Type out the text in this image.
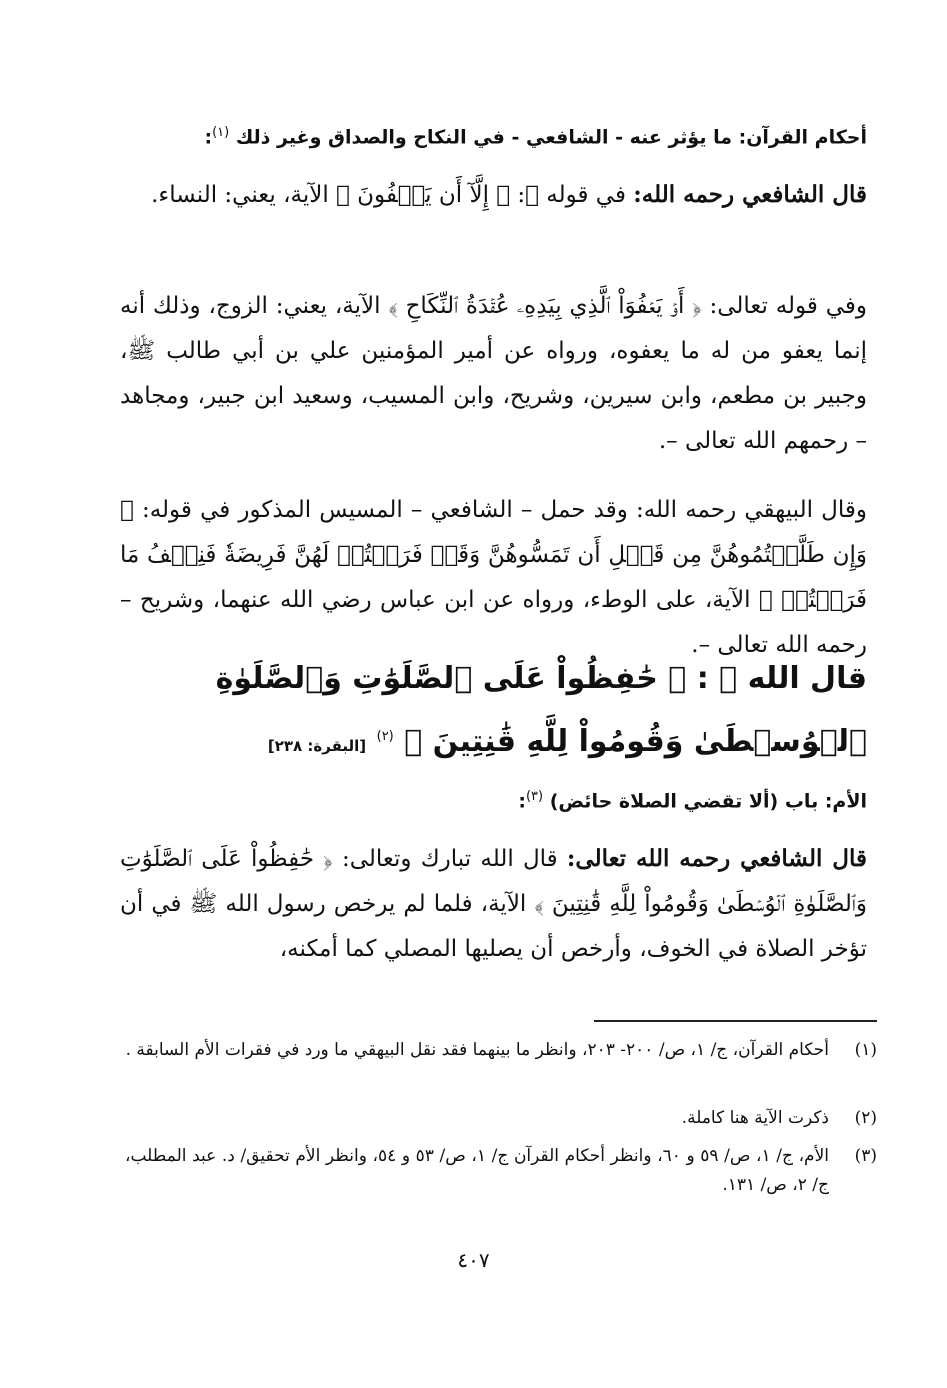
أحكام القرآن: ما يؤثر عنه - الشافعي - في النكاح والصداق وغير ذلك $^{(١)}$:
قال الشافعي رحمه الله: في قوله ﷻ: ﴿ إِلَّآ أَن يَعۡفُونَ ﴾ الآية، يعني: النساء.
وفي قوله تعالى: ﴿ أَوۡ يَعۡفُوَاْ ٱلَّذِي بِيَدِهِۦ عُقۡدَةُ ٱلنِّكَاحِ ﴾ الآية، يعني: الزوج، وذلك أنه إنما يعفو من له ما يعفوه، ورواه عن أمير المؤمنين علي بن أبي طالب ﷺ، وجبير بن مطعم، وابن سيرين، وشريح، وابن المسيب، وسعيد ابن جبير، ومجاهد – رحمهم الله تعالى –.
وقال البيهقي رحمه الله: وقد حمل – الشافعي – المسيس المذكور في قوله: ﴿ وَإِن طَلَّقۡتُمُوهُنَّ مِن قَبۡلِ أَن تَمَسُّوهُنَّ وَقَدۡ فَرَضۡتُمۡ لَهُنَّ فَرِيضَةٗ فَنِصۡفُ مَا فَرَضۡتُمۡ ﴾ الآية، على الوطء، ورواه عن ابن عباس رضي الله عنهما، وشريح – رحمه الله تعالى –.
قال الله ﷻ : ﴿ حَٰفِظُواْ عَلَى ٱلصَّلَوَٰتِ وَٱلصَّلَوٰةِ ٱلۡوُسۡطَىٰ وَقُومُواْ لِلَّهِ قَٰنِتِينَ ﴾ $^{(٢)}$ [البقرة: ٢٣٨]
الأم: باب (ألا تقضي الصلاة حائض) $^{(٣)}$:
قال الشافعي رحمه الله تعالى: قال الله تبارك وتعالى: ﴿ حَٰفِظُواْ عَلَى ٱلصَّلَوَٰتِ وَٱلصَّلَوٰةِ ٱلۡوُسۡطَىٰ وَقُومُواْ لِلَّهِ قَٰنِتِينَ ﴾ الآية، فلما لم يرخص رسول الله ﷺ في أن تؤخر الصلاة في الخوف، وأرخص أن يصليها المصلي كما أمكنه،
(١)
أحكام القرآن، ج/ ١، ص/ ٢٠٠- ٢٠٣، وانظر ما بينهما فقد نقل البيهقي ما ورد في فقرات الأم السابقة .
(٢)
ذكرت الآية هنا كاملة.
(٣)
الأم، ج/ ١، ص/ ٥٩ و ٦٠، وانظر أحكام القرآن ج/ ١، ص/ ٥٣ و ٥٤، وانظر الأم تحقيق/ د. عبد المطلب، ج/ ٢، ص/ ١٣١.
٤٠٧
